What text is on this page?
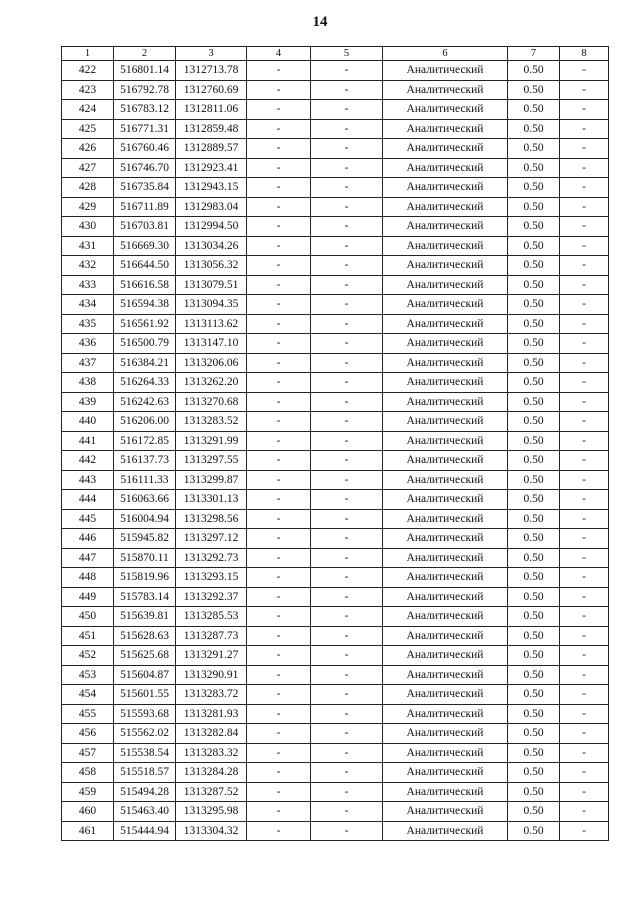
14
1	2	3	4	5	6	7	8
422	516801.14	1312713.78	-	-	Аналитический	0.50	-
423	516792.78	1312760.69	-	-	Аналитический	0.50	-
424	516783.12	1312811.06	-	-	Аналитический	0.50	-
425	516771.31	1312859.48	-	-	Аналитический	0.50	-
426	516760.46	1312889.57	-	-	Аналитический	0.50	-
427	516746.70	1312923.41	-	-	Аналитический	0.50	-
428	516735.84	1312943.15	-	-	Аналитический	0.50	-
429	516711.89	1312983.04	-	-	Аналитический	0.50	-
430	516703.81	1312994.50	-	-	Аналитический	0.50	-
431	516669.30	1313034.26	-	-	Аналитический	0.50	-
432	516644.50	1313056.32	-	-	Аналитический	0.50	-
433	516616.58	1313079.51	-	-	Аналитический	0.50	-
434	516594.38	1313094.35	-	-	Аналитический	0.50	-
435	516561.92	1313113.62	-	-	Аналитический	0.50	-
436	516500.79	1313147.10	-	-	Аналитический	0.50	-
437	516384.21	1313206.06	-	-	Аналитический	0.50	-
438	516264.33	1313262.20	-	-	Аналитический	0.50	-
439	516242.63	1313270.68	-	-	Аналитический	0.50	-
440	516206.00	1313283.52	-	-	Аналитический	0.50	-
441	516172.85	1313291.99	-	-	Аналитический	0.50	-
442	516137.73	1313297.55	-	-	Аналитический	0.50	-
443	516111.33	1313299.87	-	-	Аналитический	0.50	-
444	516063.66	1313301.13	-	-	Аналитический	0.50	-
445	516004.94	1313298.56	-	-	Аналитический	0.50	-
446	515945.82	1313297.12	-	-	Аналитический	0.50	-
447	515870.11	1313292.73	-	-	Аналитический	0.50	-
448	515819.96	1313293.15	-	-	Аналитический	0.50	-
449	515783.14	1313292.37	-	-	Аналитический	0.50	-
450	515639.81	1313285.53	-	-	Аналитический	0.50	-
451	515628.63	1313287.73	-	-	Аналитический	0.50	-
452	515625.68	1313291.27	-	-	Аналитический	0.50	-
453	515604.87	1313290.91	-	-	Аналитический	0.50	-
454	515601.55	1313283.72	-	-	Аналитический	0.50	-
455	515593.68	1313281.93	-	-	Аналитический	0.50	-
456	515562.02	1313282.84	-	-	Аналитический	0.50	-
457	515538.54	1313283.32	-	-	Аналитический	0.50	-
458	515518.57	1313284.28	-	-	Аналитический	0.50	-
459	515494.28	1313287.52	-	-	Аналитический	0.50	-
460	515463.40	1313295.98	-	-	Аналитический	0.50	-
461	515444.94	1313304.32	-	-	Аналитический	0.50	-
